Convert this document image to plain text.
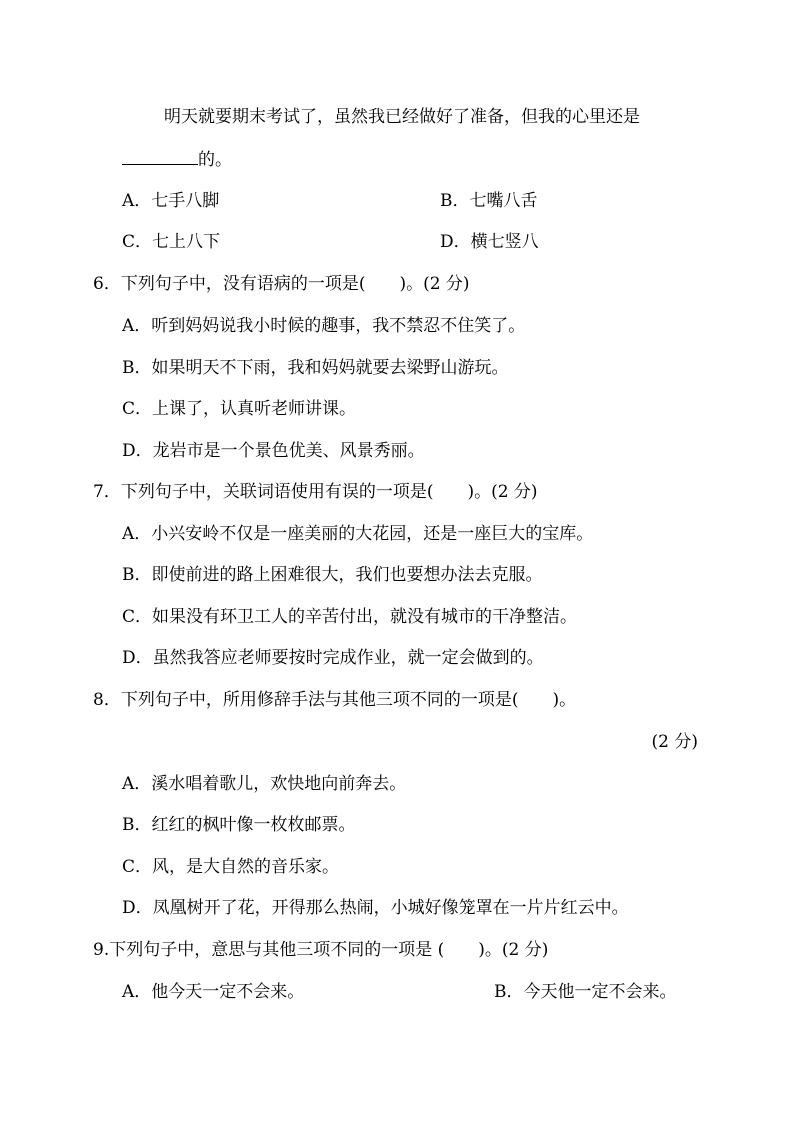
明天就要期末考试了，虽然我已经做好了准备，但我的心里还是
的。
A．七手八脚	B．七嘴八舌
C．七上八下	D．横七竖八
6．下列句子中，没有语病的一项是(　　)。(2 分)
A．听到妈妈说我小时候的趣事，我不禁忍不住笑了。
B．如果明天不下雨，我和妈妈就要去梁野山游玩。
C．上课了，认真听老师讲课。
D．龙岩市是一个景色优美、风景秀丽。
7．下列句子中，关联词语使用有误的一项是(　　)。(2 分)
A．小兴安岭不仅是一座美丽的大花园，还是一座巨大的宝库。
B．即使前进的路上困难很大，我们也要想办法去克服。
C．如果没有环卫工人的辛苦付出，就没有城市的干净整洁。
D．虽然我答应老师要按时完成作业，就一定会做到的。
8．下列句子中，所用修辞手法与其他三项不同的一项是(　　)。
(2 分)
A．溪水唱着歌儿，欢快地向前奔去。
B．红红的枫叶像一枚枚邮票。
C．风，是大自然的音乐家。
D．凤凰树开了花，开得那么热闹，小城好像笼罩在一片片红云中。
9.下列句子中，意思与其他三项不同的一项是 (　　)。(2 分)
A．他今天一定不会来。	B．今天他一定不会来。
